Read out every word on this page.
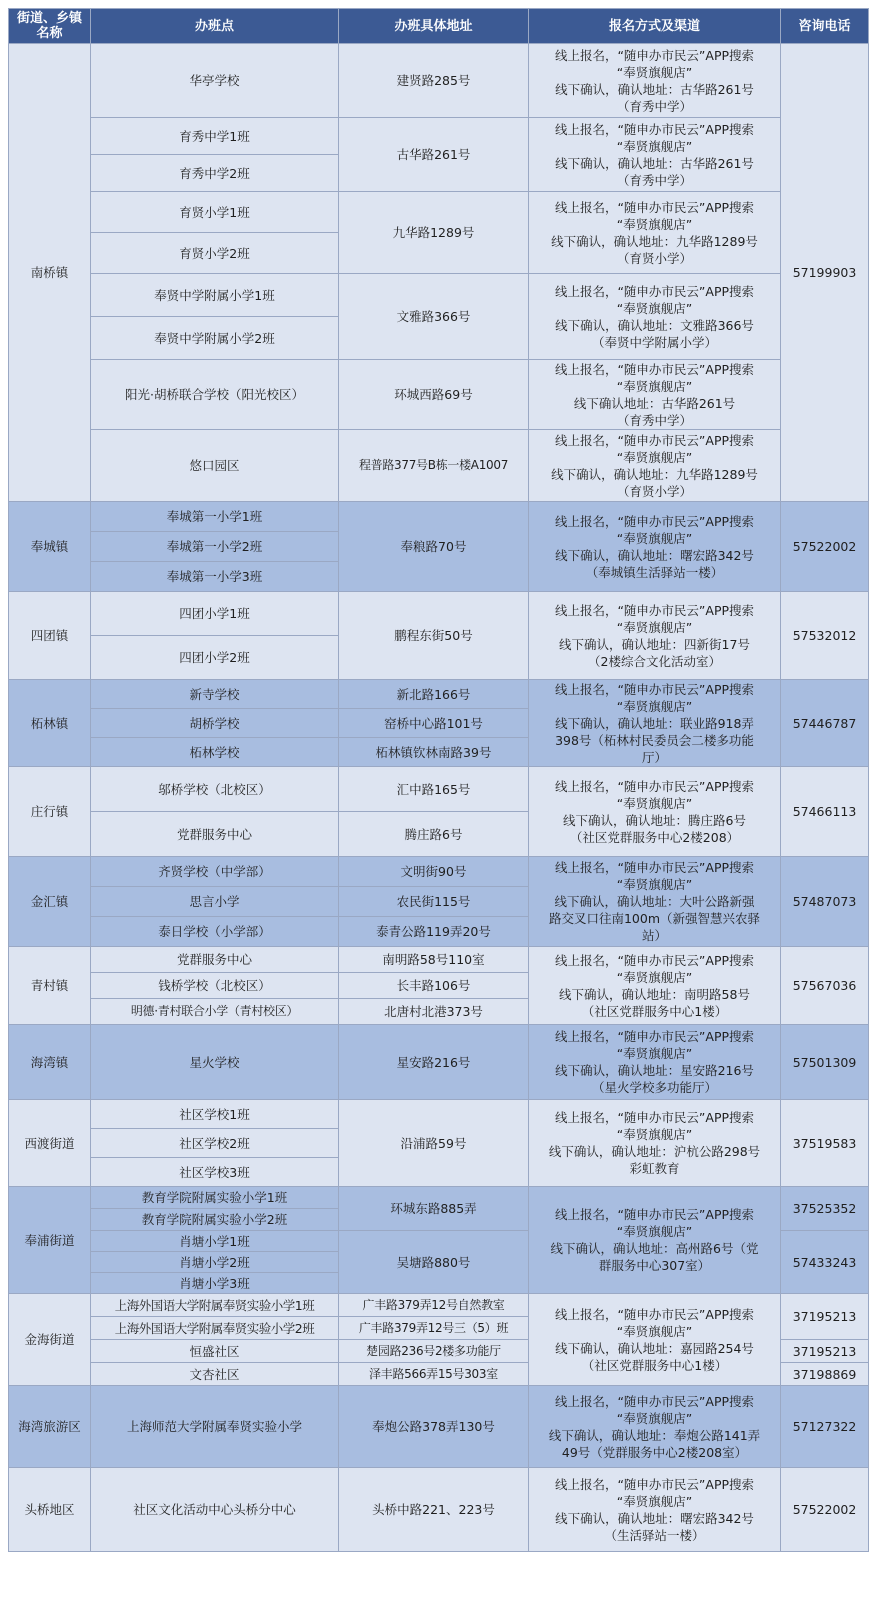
街道、乡镇名称	办班点	办班具体地址	报名方式及渠道	咨询电话
南桥镇	华亭学校	建贤路285号	线上报名，“随申办市民云”APP搜索
“奉贤旗舰店”
线下确认，确认地址：古华路261号
（育秀中学）	57199903

	育秀中学1班	古华路261号	线上报名，“随申办市民云”APP搜索
“奉贤旗舰店”
线下确认，确认地址：古华路261号
（育秀中学）	
	育秀中学2班			
	育贤小学1班	九华路1289号	线上报名，“随申办市民云”APP搜索
“奉贤旗舰店”
线下确认，确认地址：九华路1289号
（育贤小学）	
	育贤小学2班			
	奉贤中学附属小学1班	文雅路366号	线上报名，“随申办市民云”APP搜索
“奉贤旗舰店”
线下确认，确认地址：文雅路366号
（奉贤中学附属小学）	
	奉贤中学附属小学2班			
	阳光·胡桥联合学校（阳光校区）	环城西路69号	线上报名，“随申办市民云”APP搜索
“奉贤旗舰店”
线下确认地址：古华路261号
（育秀中学）	

	悠口园区	程普路377号B栋一楼A1007	线上报名，“随申办市民云”APP搜索
“奉贤旗舰店”
线下确认，确认地址：九华路1289号
（育贤小学）	

奉城镇	奉城第一小学1班	奉粮路70号	线上报名，“随申办市民云”APP搜索
“奉贤旗舰店”
线下确认，确认地址：曙宏路342号
（奉城镇生活驿站一楼）	57522002
	奉城第一小学2班			
	奉城第一小学3班			
四团镇	四团小学1班	鹏程东街50号	线上报名，“随申办市民云”APP搜索
“奉贤旗舰店”
线下确认，确认地址：四新街17号
（2楼综合文化活动室）	57532012
	四团小学2班			
柘林镇	新寺学校	新北路166号	线上报名，“随申办市民云”APP搜索
“奉贤旗舰店”
线下确认，确认地址：联业路918弄
398号（柘林村民委员会二楼多功能
厅）	57446787
	胡桥学校	窑桥中心路101号		
	柘林学校	柘林镇钦林南路39号		
庄行镇	邬桥学校（北校区）	汇中路165号	线上报名，“随申办市民云”APP搜索
“奉贤旗舰店”
线下确认，确认地址：腾庄路6号
（社区党群服务中心2楼208）	57466113
	党群服务中心	腾庄路6号		
金汇镇	齐贤学校（中学部）	文明街90号	线上报名，“随申办市民云”APP搜索
“奉贤旗舰店”
线下确认，确认地址：大叶公路新强
路交叉口往南100m（新强智慧兴农驿
站）	57487073
	思言小学	农民街115号		
	泰日学校（小学部）	泰青公路119弄20号		
青村镇	党群服务中心	南明路58号110室	线上报名，“随申办市民云”APP搜索
“奉贤旗舰店”
线下确认，确认地址：南明路58号
（社区党群服务中心1楼）	57567036
	钱桥学校（北校区）	长丰路106号		
	明德·青村联合小学（青村校区）	北唐村北港373号		
海湾镇	星火学校	星安路216号	线上报名，“随申办市民云”APP搜索
“奉贤旗舰店”
线下确认，确认地址：星安路216号
（星火学校多功能厅）	57501309
西渡街道	社区学校1班	沿浦路59号	线上报名，“随申办市民云”APP搜索
“奉贤旗舰店”
线下确认，确认地址：沪杭公路298号
彩虹教育	37519583
	社区学校2班			
	社区学校3班			
奉浦街道	教育学院附属实验小学1班	环城东路885弄	线上报名，“随申办市民云”APP搜索
“奉贤旗舰店”
线下确认，确认地址：高州路6号（党
群服务中心307室）	37525352
	教育学院附属实验小学2班			
	肖塘小学1班	吴塘路880号		57433243
	肖塘小学2班			
	肖塘小学3班			
金海街道	上海外国语大学附属奉贤实验小学1班	广丰路379弄12号自然教室	线上报名，“随申办市民云”APP搜索
“奉贤旗舰店”
线下确认，确认地址：嘉园路254号
（社区党群服务中心1楼）	37195213
	上海外国语大学附属奉贤实验小学2班	广丰路379弄12号三（5）班		
	恒盛社区	楚园路236号2楼多功能厅		37195213
	文杏社区	泽丰路566弄15号303室		37198869
海湾旅游区	上海师范大学附属奉贤实验小学	奉炮公路378弄130号	线上报名，“随申办市民云”APP搜索
“奉贤旗舰店”
线下确认，确认地址：奉炮公路141弄
49号（党群服务中心2楼208室）	57127322
头桥地区	社区文化活动中心头桥分中心	头桥中路221、223号	线上报名，“随申办市民云”APP搜索
“奉贤旗舰店”
线下确认，确认地址：曙宏路342号
（生活驿站一楼）	57522002
